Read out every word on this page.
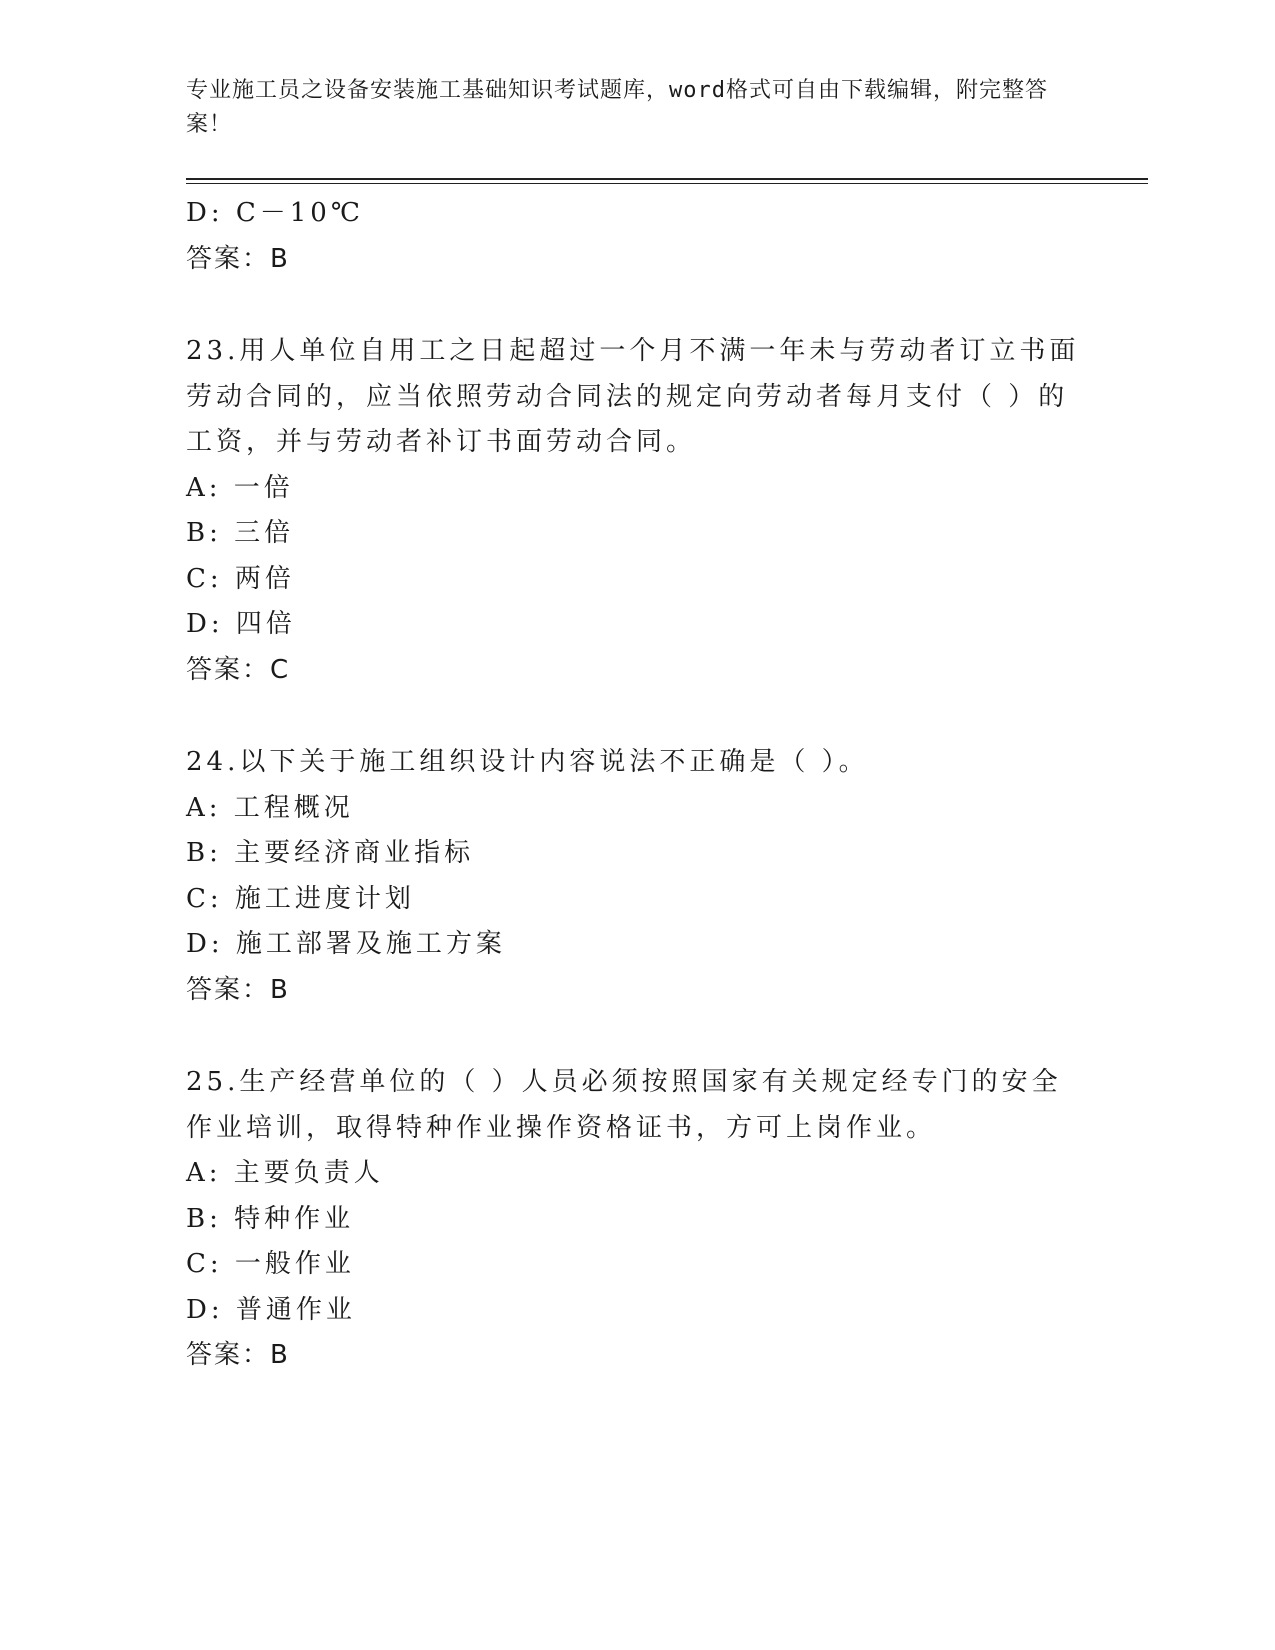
专业施工员之设备安装施工基础知识考试题库，word格式可自由下载编辑，附完整答案！
D: C－10℃
答案：B
23.用人单位自用工之日起超过一个月不满一年未与劳动者订立书面劳动合同的，应当依照劳动合同法的规定向劳动者每月支付（ ）的工资，并与劳动者补订书面劳动合同。
A: 一倍
B: 三倍
C: 两倍
D: 四倍
答案：C
24.以下关于施工组织设计内容说法不正确是（ ）。
A: 工程概况
B: 主要经济商业指标
C: 施工进度计划
D: 施工部署及施工方案
答案：B
25.生产经营单位的（ ）人员必须按照国家有关规定经专门的安全作业培训，取得特种作业操作资格证书，方可上岗作业。
A: 主要负责人
B: 特种作业
C: 一般作业
D: 普通作业
答案：B
